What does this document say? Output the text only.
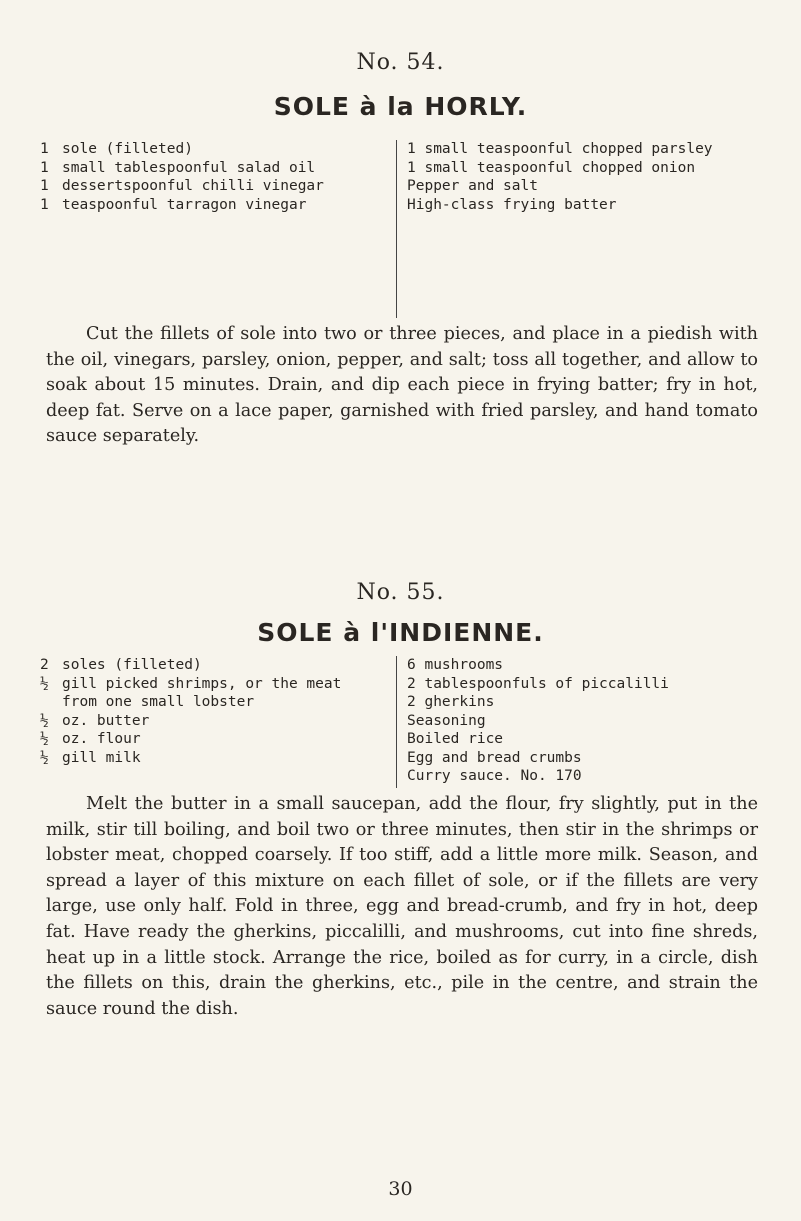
No. 54.
SOLE à la HORLY.
1 sole (filleted)
1 small tablespoonful salad oil
1 dessertspoonful chilli vinegar
1 teaspoonful tarragon vinegar
1 small teaspoonful chopped parsley
1 small teaspoonful chopped onion
Pepper and salt
High-class frying batter

Cut the fillets of sole into two or three pieces, and place in a piedish with the oil, vinegars, parsley, onion, pepper, and salt; toss all together, and allow to soak about 15 minutes. Drain, and dip each piece in frying batter; fry in hot, deep fat. Serve on a lace paper, garnished with fried parsley, and hand tomato sauce separately.

No. 55.
SOLE à l'INDIENNE.
2 soles (filleted)
½ gill picked shrimps, or the meat from one small lobster
½ oz. butter
½ oz. flour
½ gill milk
6 mushrooms
2 tablespoonfuls of piccalilli
2 gherkins
Seasoning
Boiled rice
Egg and bread crumbs
Curry sauce. No. 170

Melt the butter in a small saucepan, add the flour, fry slightly, put in the milk, stir till boiling, and boil two or three minutes, then stir in the shrimps or lobster meat, chopped coarsely. If too stiff, add a little more milk. Season, and spread a layer of this mixture on each fillet of sole, or if the fillets are very large, use only half. Fold in three, egg and bread-crumb, and fry in hot, deep fat. Have ready the gherkins, piccalilli, and mushrooms, cut into fine shreds, heat up in a little stock. Arrange the rice, boiled as for curry, in a circle, dish the fillets on this, drain the gherkins, etc., pile in the centre, and strain the sauce round the dish.

30
